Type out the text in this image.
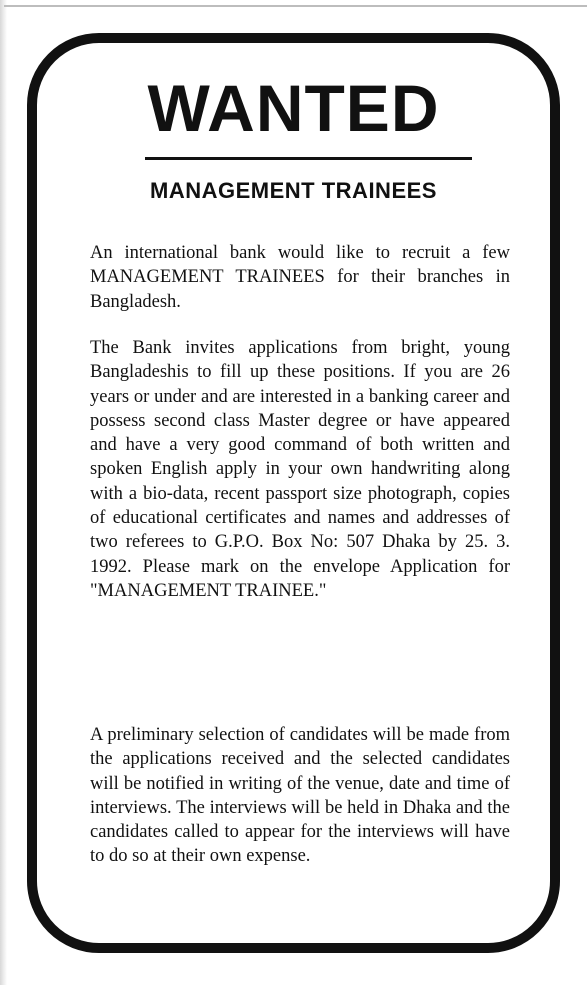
WANTED
MANAGEMENT TRAINEES

An international bank would like to recruit a few MANAGEMENT TRAINEES for their branches in Bangladesh.

The Bank invites applications from bright, young Bangladeshis to fill up these positions. If you are 26 years or under and are interested in a banking career and possess second class Master degree or have appeared and have a very good command of both written and spoken English apply in your own handwriting along with a bio-data, recent passport size photograph, copies of educational certificates and names and addresses of two referees to G.P.O. Box No: 507 Dhaka by 25. 3. 1992. Please mark on the envelope Application for "MANAGEMENT TRAINEE."

A preliminary selection of candidates will be made from the applications received and the selected candidates will be notified in writing of the venue, date and time of interviews. The interviews will be held in Dhaka and the candidates called to appear for the interviews will have to do so at their own expense.
